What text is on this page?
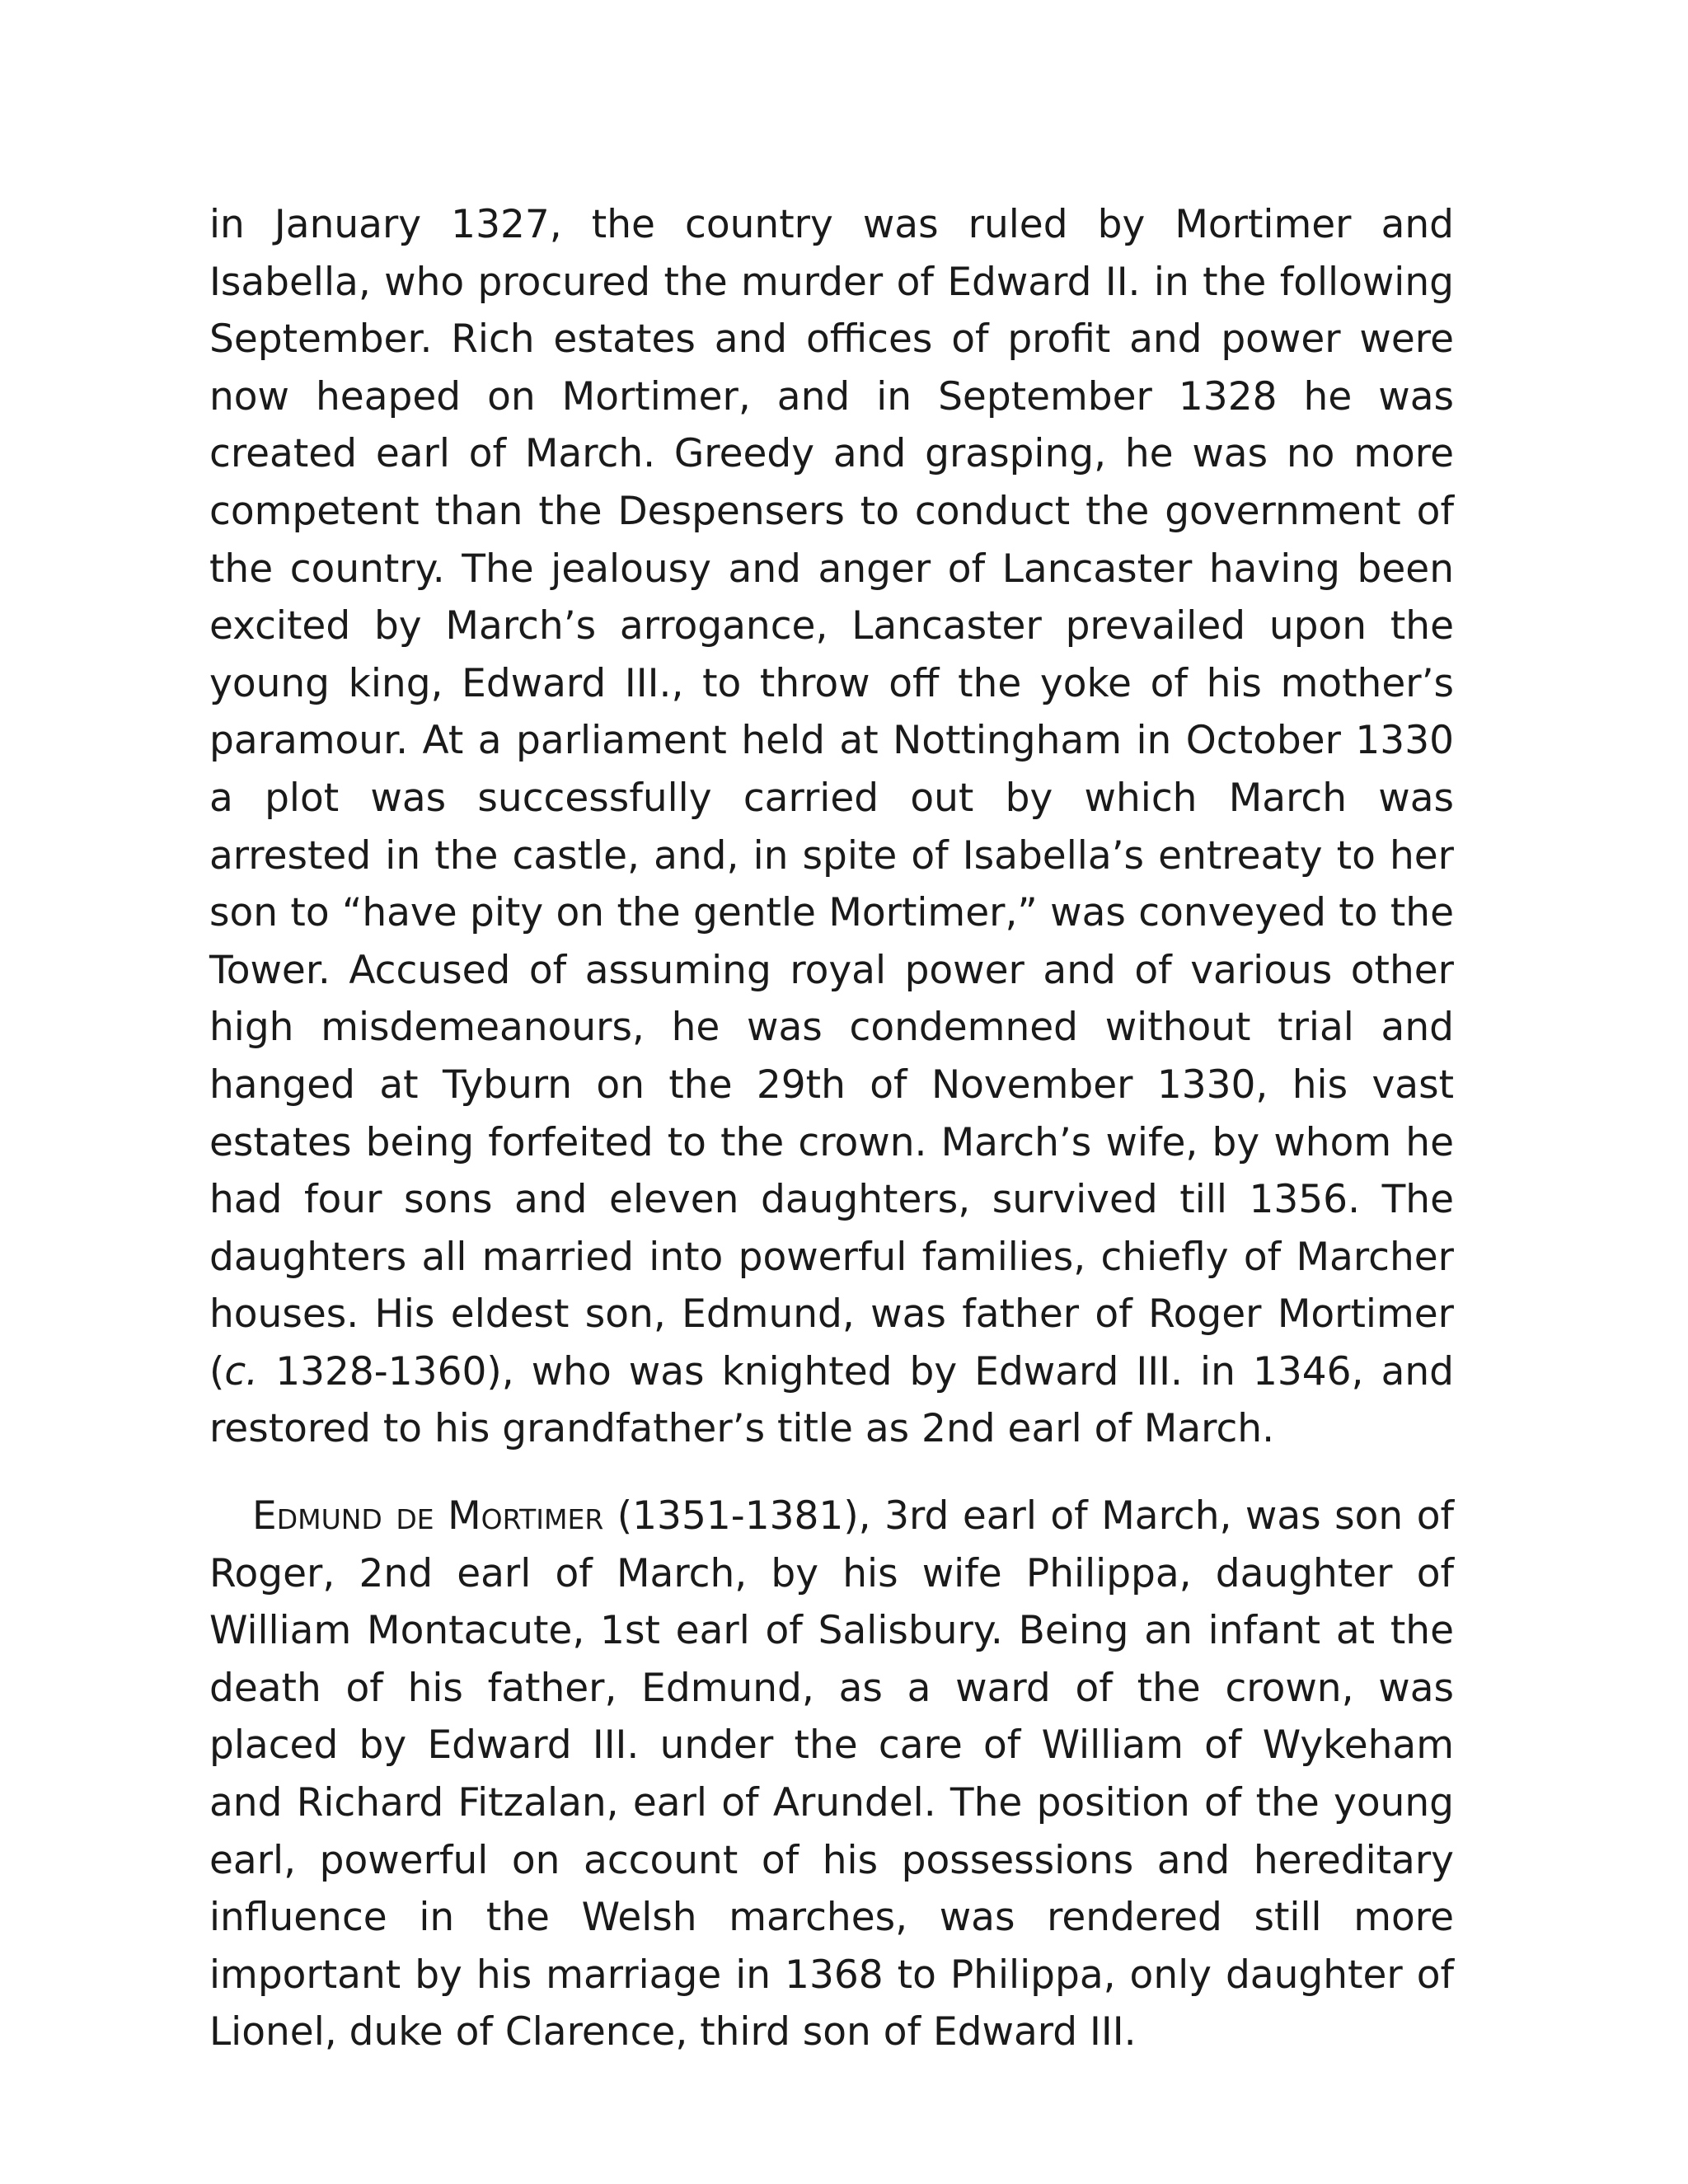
in January 1327, the country was ruled by Mortimer and Isabella, who procured the murder of Edward II. in the following September. Rich estates and offices of profit and power were now heaped on Mortimer, and in September 1328 he was created earl of March. Greedy and grasping, he was no more competent than the Despensers to conduct the government of the country. The jealousy and anger of Lancaster having been excited by March’s arrogance, Lancaster prevailed upon the young king, Edward III., to throw off the yoke of his mother’s paramour. At a parliament held at Nottingham in October 1330 a plot was successfully carried out by which March was arrested in the castle, and, in spite of Isabella’s entreaty to her son to “have pity on the gentle Mortimer,” was conveyed to the Tower. Accused of assuming royal power and of various other high misdemeanours, he was condemned without trial and hanged at Tyburn on the 29th of November 1330, his vast estates being forfeited to the crown. March’s wife, by whom he had four sons and eleven daughters, survived till 1356. The daughters all married into powerful families, chiefly of Marcher houses. His eldest son, Edmund, was father of Roger Mortimer (c. 1328-1360), who was knighted by Edward III. in 1346, and restored to his grandfather’s title as 2nd earl of March.

Edmund de Mortimer (1351-1381), 3rd earl of March, was son of Roger, 2nd earl of March, by his wife Philippa, daughter of William Montacute, 1st earl of Salisbury. Being an infant at the death of his father, Edmund, as a ward of the crown, was placed by Edward III. under the care of William of Wykeham and Richard Fitzalan, earl of Arundel. The position of the young earl, powerful on account of his possessions and hereditary influence in the Welsh marches, was rendered still more important by his marriage in 1368 to Philippa, only daughter of Lionel, duke of Clarence, third son of Edward III.
